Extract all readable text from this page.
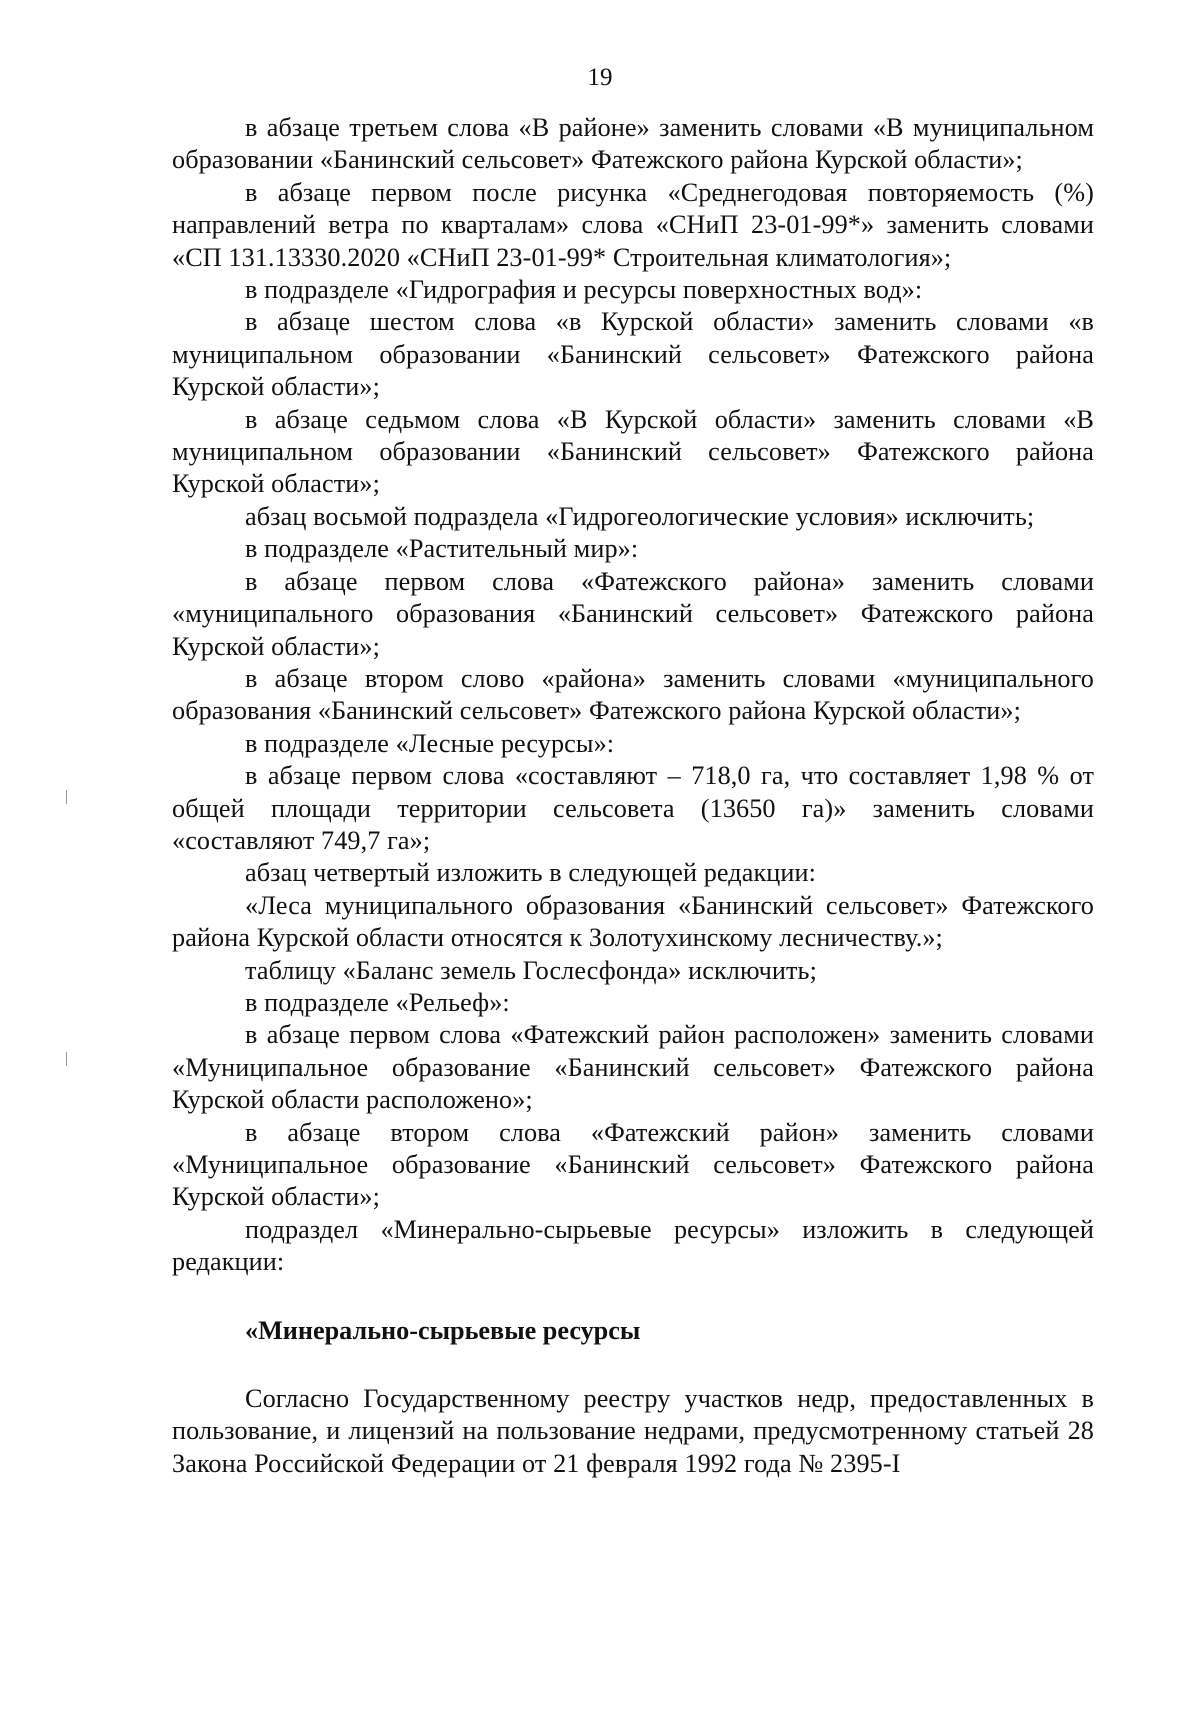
19

в абзаце третьем слова «В районе» заменить словами «В муниципальном образовании «Банинский сельсовет» Фатежского района Курской области»;

в абзаце первом после рисунка «Среднегодовая повторяемость (%) направлений ветра по кварталам» слова «СНиП 23-01-99*» заменить словами «СП 131.13330.2020 «СНиП 23-01-99* Строительная климатология»;

в подразделе «Гидрография и ресурсы поверхностных вод»:

в абзаце шестом слова «в Курской области» заменить словами «в муниципальном образовании «Банинский сельсовет» Фатежского района Курской области»;

в абзаце седьмом слова «В Курской области» заменить словами «В муниципальном образовании «Банинский сельсовет» Фатежского района Курской области»;

абзац восьмой подраздела «Гидрогеологические условия» исключить;

в подразделе «Растительный мир»:

в абзаце первом слова «Фатежского района» заменить словами «муниципального образования «Банинский сельсовет» Фатежского района Курской области»;

в абзаце втором слово «района» заменить словами «муниципального образования «Банинский сельсовет» Фатежского района Курской области»;

в подразделе «Лесные ресурсы»:

в абзаце первом слова «составляют – 718,0 га, что составляет 1,98 % от общей площади территории сельсовета (13650 га)» заменить словами «составляют 749,7 га»;

абзац четвертый изложить в следующей редакции:

«Леса муниципального образования «Банинский сельсовет» Фатежского района Курской области относятся к Золотухинскому лесничеству.»;

таблицу «Баланс земель Гослесфонда» исключить;

в подразделе «Рельеф»:

в абзаце первом слова «Фатежский район расположен» заменить словами «Муниципальное образование «Банинский сельсовет» Фатежского района Курской области расположено»;

в абзаце втором слова «Фатежский район» заменить словами «Муниципальное образование «Банинский сельсовет» Фатежского района Курской области»;

подраздел «Минерально-сырьевые ресурсы» изложить в следующей редакции:

«Минерально-сырьевые ресурсы

Согласно Государственному реестру участков недр, предоставленных в пользование, и лицензий на пользование недрами, предусмотренному статьей 28 Закона Российской Федерации от 21 февраля 1992 года № 2395-I
